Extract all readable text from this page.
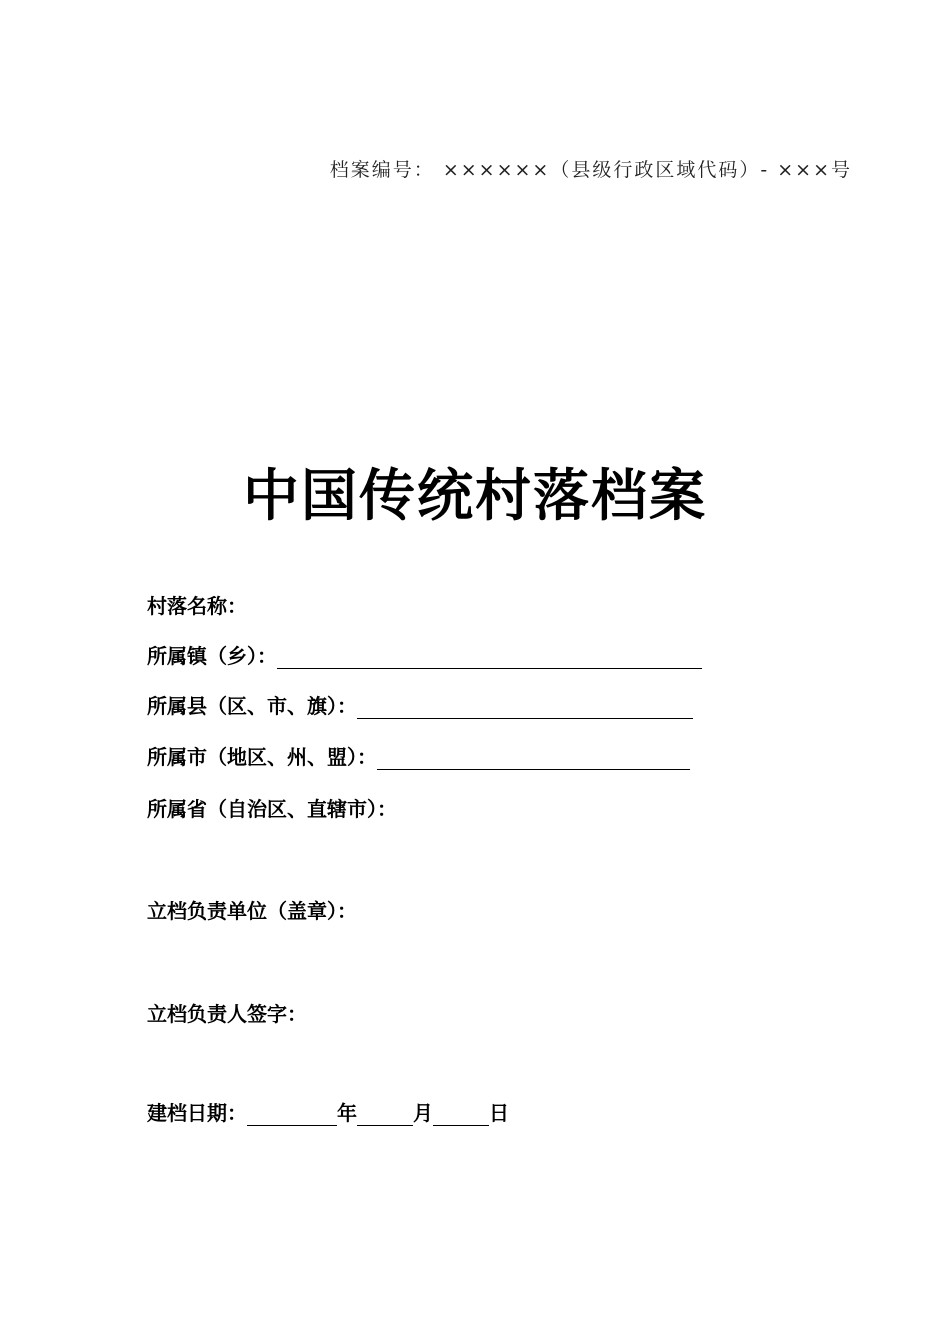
档案编号： ××××××（县级行政区域代码）- ×××号
中国传统村落档案
村落名称：
所属镇（乡）：
所属县（区、市、旗）：
所属市（地区、州、盟）：
所属省（自治区、直辖市）：
立档负责单位（盖章）：
立档负责人签字：
建档日期：	年	月	日
